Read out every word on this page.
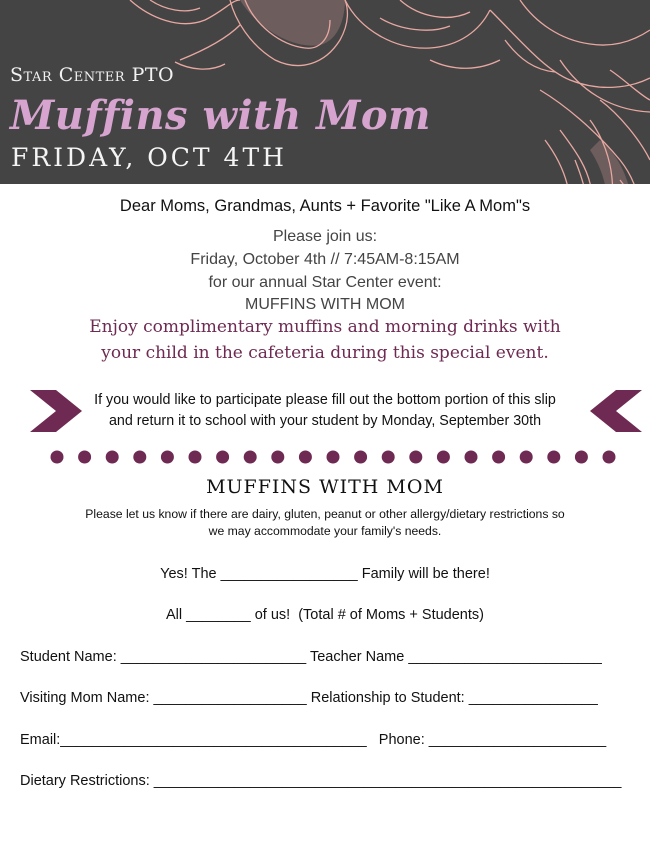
Star Center PTO
Muffins with Mom
FRIDAY, OCT 4TH
Dear Moms, Grandmas, Aunts + Favorite "Like A Mom"s
Please join us:
Friday, October 4th // 7:45AM-8:15AM
for our annual Star Center event:
MUFFINS WITH MOM
Enjoy complimentary muffins and morning drinks with
your child in the cafeteria during this special event.
If you would like to participate please fill out the bottom portion of this slip
and return it to school with your student by Monday, September 30th
MUFFINS WITH MOM
Please let us know if there are dairy, gluten, peanut or other allergy/dietary restrictions so
we may accommodate your family's needs.
Yes! The _________________ Family will be there!
All ________ of us!  (Total # of Moms + Students)
Student Name: _______________________ Teacher Name ________________________
Visiting Mom Name: ___________________ Relationship to Student: ________________
Email:______________________________________   Phone: ______________________
Dietary Restrictions: __________________________________________________________
